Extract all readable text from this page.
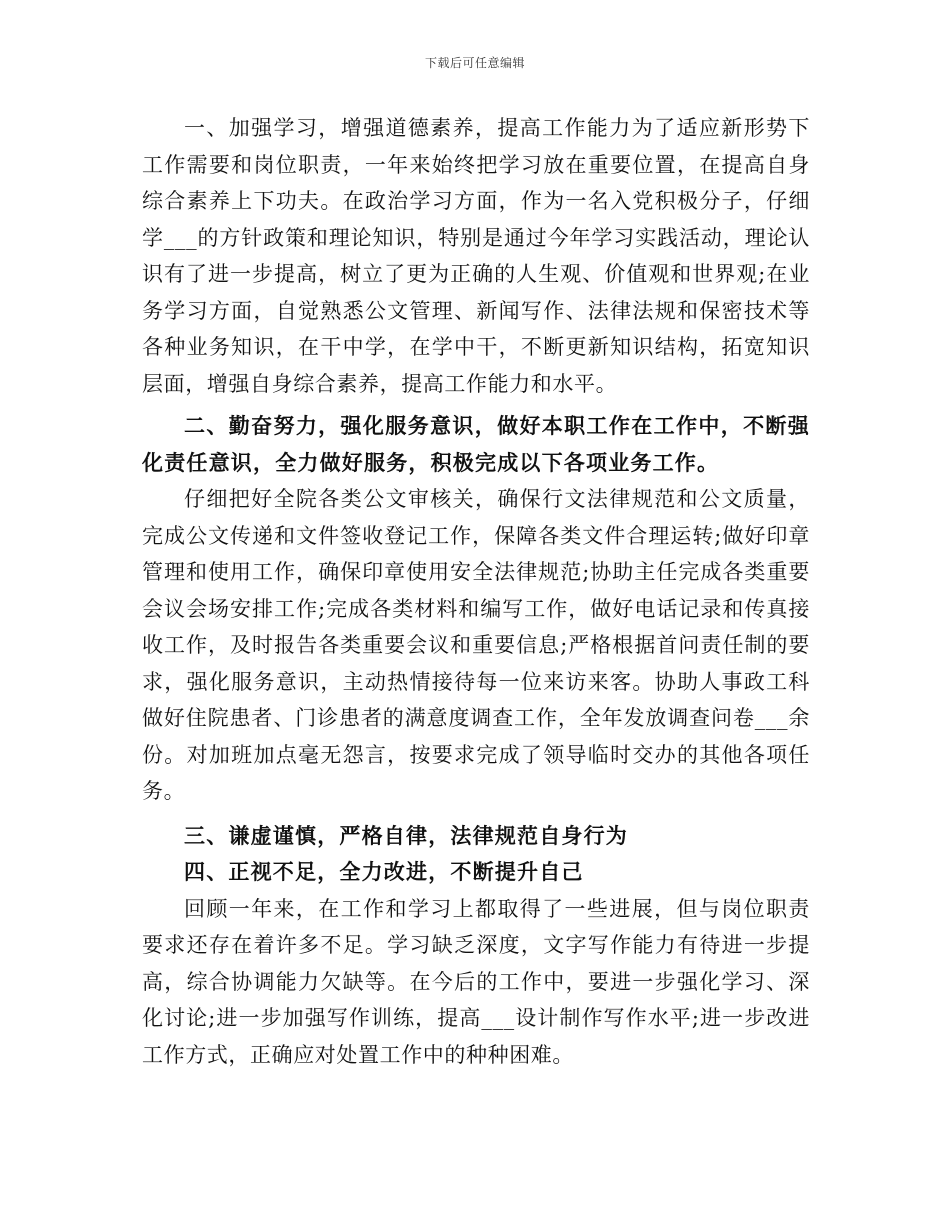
下载后可任意编辑

一、加强学习，增强道德素养，提高工作能力为了适应新形势下工作需要和岗位职责，一年来始终把学习放在重要位置，在提高自身综合素养上下功夫。在政治学习方面，作为一名入党积极分子，仔细学___的方针政策和理论知识，特别是通过今年学习实践活动，理论认识有了进一步提高，树立了更为正确的人生观、价值观和世界观;在业务学习方面，自觉熟悉公文管理、新闻写作、法律法规和保密技术等各种业务知识，在干中学，在学中干，不断更新知识结构，拓宽知识层面，增强自身综合素养，提高工作能力和水平。

二、勤奋努力，强化服务意识，做好本职工作在工作中，不断强化责任意识，全力做好服务，积极完成以下各项业务工作。

仔细把好全院各类公文审核关，确保行文法律规范和公文质量，完成公文传递和文件签收登记工作，保障各类文件合理运转;做好印章管理和使用工作，确保印章使用安全法律规范;协助主任完成各类重要会议会场安排工作;完成各类材料和编写工作，做好电话记录和传真接收工作，及时报告各类重要会议和重要信息;严格根据首问责任制的要求，强化服务意识，主动热情接待每一位来访来客。协助人事政工科做好住院患者、门诊患者的满意度调查工作，全年发放调查问卷___余份。对加班加点毫无怨言，按要求完成了领导临时交办的其他各项任务。

三、谦虚谨慎，严格自律，法律规范自身行为

四、正视不足，全力改进，不断提升自己

回顾一年来，在工作和学习上都取得了一些进展，但与岗位职责要求还存在着许多不足。学习缺乏深度，文字写作能力有待进一步提高，综合协调能力欠缺等。在今后的工作中，要进一步强化学习、深化讨论;进一步加强写作训练，提高___设计制作写作水平;进一步改进工作方式，正确应对处置工作中的种种困难。
